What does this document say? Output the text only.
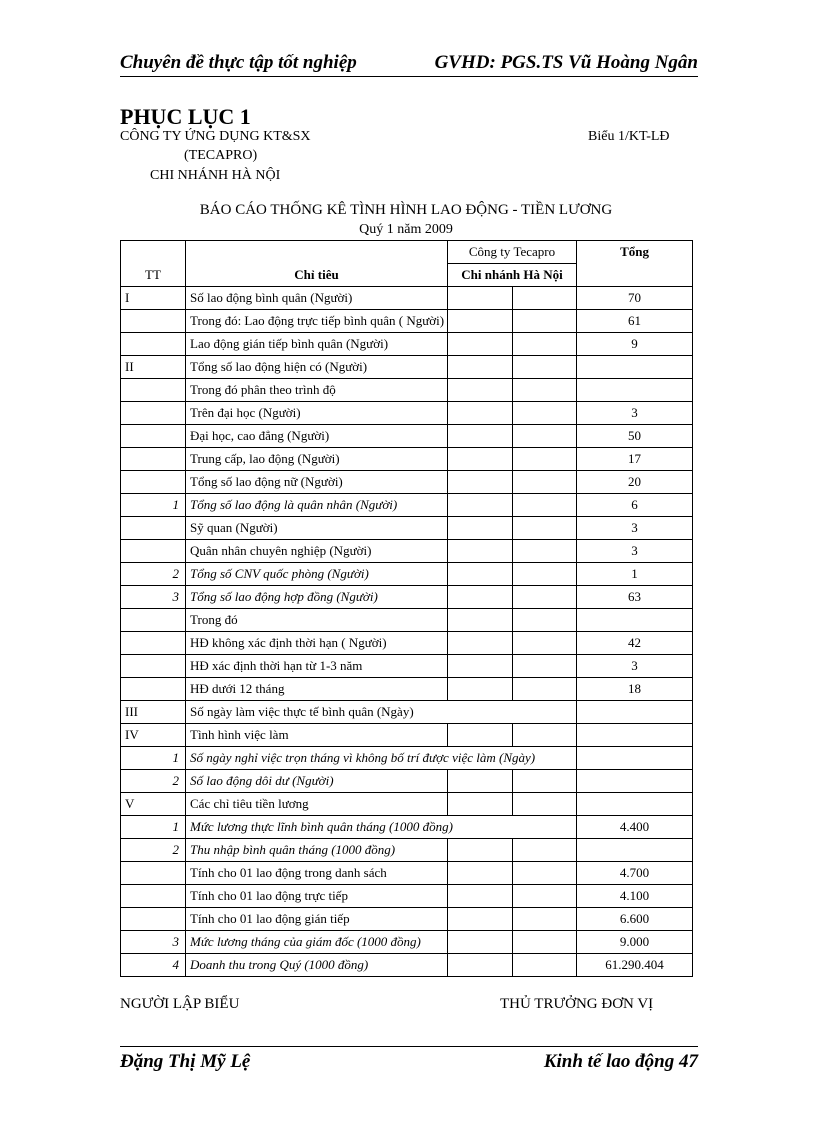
Chuyên đề thực tập tốt nghiệp	GVHD: PGS.TS Vũ Hoàng Ngân
PHỤC LỤC 1
CÔNG TY ỨNG DỤNG KT&SX
(TECAPRO)
CHI NHÁNH HÀ NỘI
Biểu 1/KT-LĐ
BÁO CÁO THỐNG KÊ TÌNH HÌNH LAO ĐỘNG - TIỀN LƯƠNG
Quý 1 năm 2009
TT	Chỉ tiêu	Công ty Tecapro		Tổng
		Chi nhánh Hà Nội		
I	Số lao động bình quân (Người)			70
	Trong đó: Lao động trực tiếp bình quân ( Người)			61
	Lao động gián tiếp bình quân (Người)			9
II	Tổng số lao động hiện có (Người)			
	Trong đó phân theo trình độ			
	Trên đại học (Người)			3
	Đại học, cao đẳng (Người)			50
	Trung cấp, lao động (Người)			17
	Tổng số lao động nữ (Người)			20
1	Tổng số lao động là quân nhân (Người)			6
	Sỹ quan (Người)			3
	Quân nhân chuyên nghiệp (Người)			3
2	Tổng số CNV quốc phòng (Người)			1
3	Tổng số lao động hợp đồng (Người)			63
	Trong đó			
	HĐ không xác định thời hạn ( Người)			42
	HĐ xác định thời hạn từ 1-3 năm			3
	HĐ dưới 12 tháng			18
III	Số ngày làm việc thực tế bình quân (Ngày)			
IV	Tình hình việc làm			
1	Số ngày nghỉ việc trọn tháng vì không bố trí được việc làm (Ngày)			
2	Số lao động dôi dư (Người)			
V	Các chỉ tiêu tiền lương			
1	Mức lương thực lĩnh bình quân tháng (1000 đồng)			4.400
2	Thu nhập bình quân tháng (1000 đồng)			
	Tính cho 01 lao động trong danh sách			4.700
	Tính cho 01 lao động trực tiếp			4.100
	Tính cho 01 lao động gián tiếp			6.600
3	Mức lương tháng của giám đốc (1000 đồng)			9.000
4	Doanh thu trong Quý (1000 đồng)			61.290.404
NGƯỜI LẬP BIỂU	THỦ TRƯỞNG ĐƠN VỊ
Đặng Thị Mỹ Lệ	Kinh tế lao động 47
